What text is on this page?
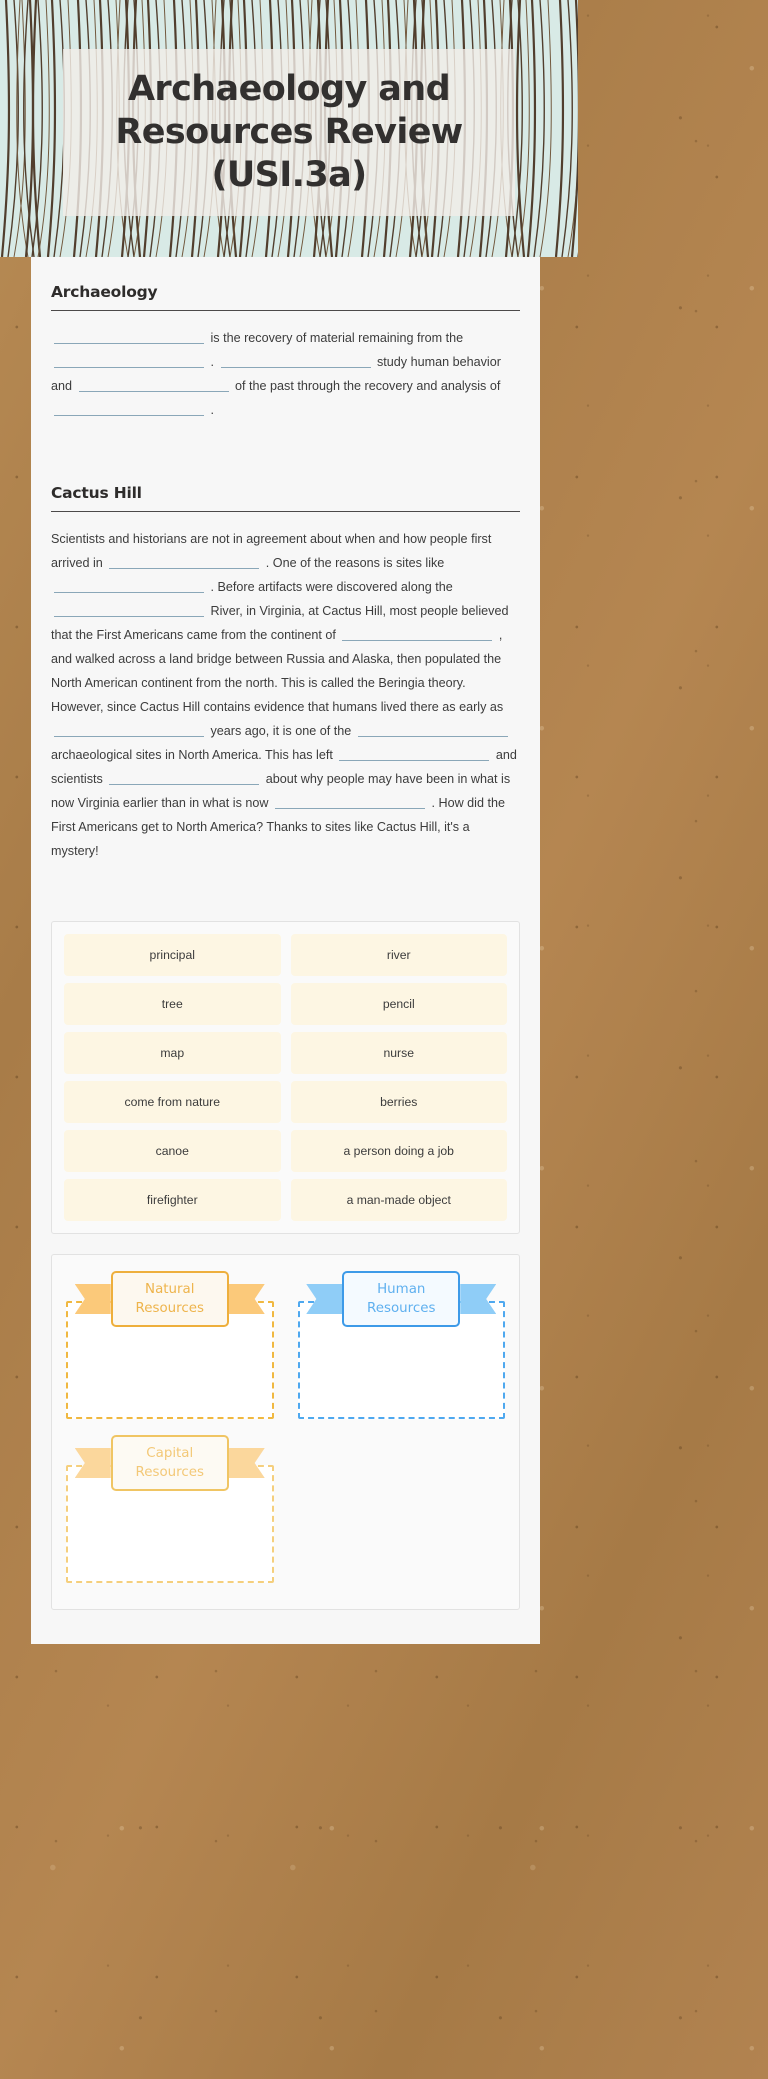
Archaeology and
Resources Review
(USI.3a)
Archaeology
is the recovery of material remaining from the  .	study human behavior and	of the past through the recovery and analysis of  .
Cactus Hill
Scientists and historians are not in agreement about when and how people first arrived in	. One of the reasons is sites like  . Before artifacts were discovered along the  River, in Virginia, at Cactus Hill, most people believed that the First Americans came from the continent of	, and walked across a land bridge between Russia and Alaska, then populated the North American continent from the north. This is called the Beringia theory. However, since Cactus Hill contains evidence that humans lived there as early as  years ago, it is one of the  archaeological sites in North America. This has left	and scientists	about why people may have been in what is now Virginia earlier than in what is now	. How did the First Americans get to North America? Thanks to sites like Cactus Hill, it's a mystery!
principal	river
tree	pencil
map	nurse
come from nature	berries
canoe	a person doing a job
firefighter	a man-made object
Natural
Resources
Human
Resources
Capital
Resources
